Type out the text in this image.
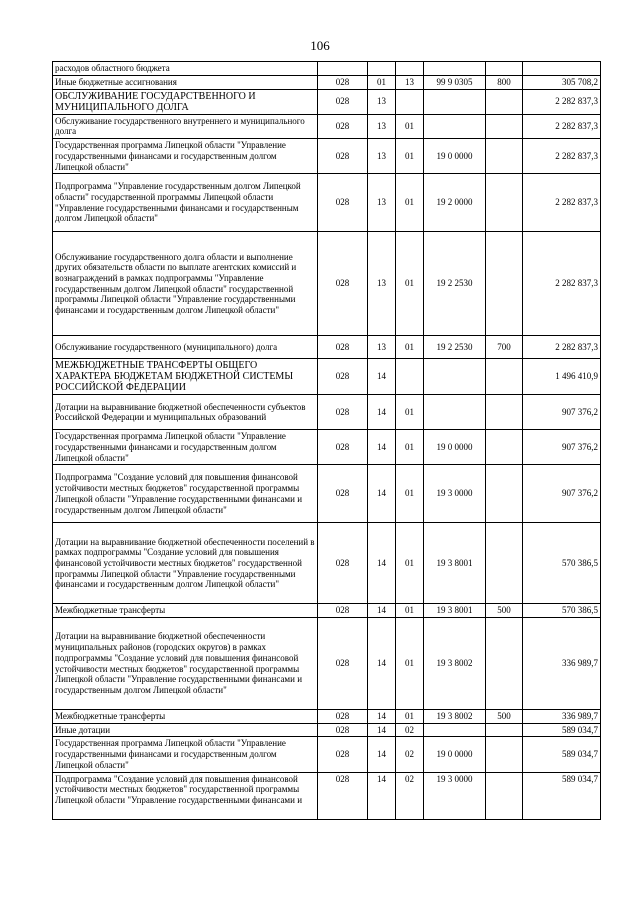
106
расходов областного бюджета						
Иные бюджетные ассигнования	028	01	13	99 9 0305	800	305 708,2
ОБСЛУЖИВАНИЕ ГОСУДАРСТВЕННОГО И МУНИЦИПАЛЬНОГО ДОЛГА	028	13				2 282 837,3
Обслуживание государственного внутреннего и муниципального долга	028	13	01			2 282 837,3
Государственная программа Липецкой области "Управление государственными финансами и государственным долгом Липецкой области"	028	13	01	19 0 0000		2 282 837,3
Подпрограмма "Управление государственным долгом Липецкой области" государственной программы Липецкой области "Управление государственными финансами и государственным долгом Липецкой области"	028	13	01	19 2 0000		2 282 837,3
Обслуживание государственного долга области и выполнение других обязательств области по выплате агентских комиссий и вознаграждений в рамках подпрограммы "Управление государственным долгом Липецкой области" государственной программы Липецкой области "Управление государственными финансами и государственным долгом Липецкой области"	028	13	01	19 2 2530		2 282 837,3
Обслуживание государственного (муниципального) долга	028	13	01	19 2 2530	700	2 282 837,3
МЕЖБЮДЖЕТНЫЕ ТРАНСФЕРТЫ ОБЩЕГО ХАРАКТЕРА БЮДЖЕТАМ БЮДЖЕТНОЙ СИСТЕМЫ РОССИЙСКОЙ ФЕДЕРАЦИИ	028	14				1 496 410,9
Дотации на выравнивание бюджетной обеспеченности субъектов Российской Федерации и муниципальных образований	028	14	01			907 376,2
Государственная программа Липецкой области "Управление государственными финансами и государственным долгом Липецкой области"	028	14	01	19 0 0000		907 376,2
Подпрограмма "Создание условий для повышения финансовой устойчивости местных бюджетов" государственной программы Липецкой области "Управление государственными финансами и государственным долгом Липецкой области"	028	14	01	19 3 0000		907 376,2
Дотации на выравнивание бюджетной обеспеченности поселений в рамках подпрограммы "Создание условий для повышения финансовой устойчивости местных бюджетов" государственной программы Липецкой области "Управление государственными финансами и государственным долгом Липецкой области"	028	14	01	19 3 8001		570 386,5
Межбюджетные трансферты	028	14	01	19 3 8001	500	570 386,5
Дотации на выравнивание бюджетной обеспеченности муниципальных районов (городских округов) в рамках подпрограммы "Создание условий для повышения финансовой устойчивости местных бюджетов" государственной программы Липецкой области "Управление государственными финансами и государственным долгом Липецкой области"	028	14	01	19 3 8002		336 989,7
Межбюджетные трансферты	028	14	01	19 3 8002	500	336 989,7
Иные дотации	028	14	02			589 034,7
Государственная программа Липецкой области "Управление государственными финансами и государственным долгом Липецкой области"	028	14	02	19 0 0000		589 034,7
Подпрограмма "Создание условий для повышения финансовой устойчивости местных бюджетов" государственной программы Липецкой области "Управление государственными финансами и	028	14	02	19 3 0000		589 034,7
